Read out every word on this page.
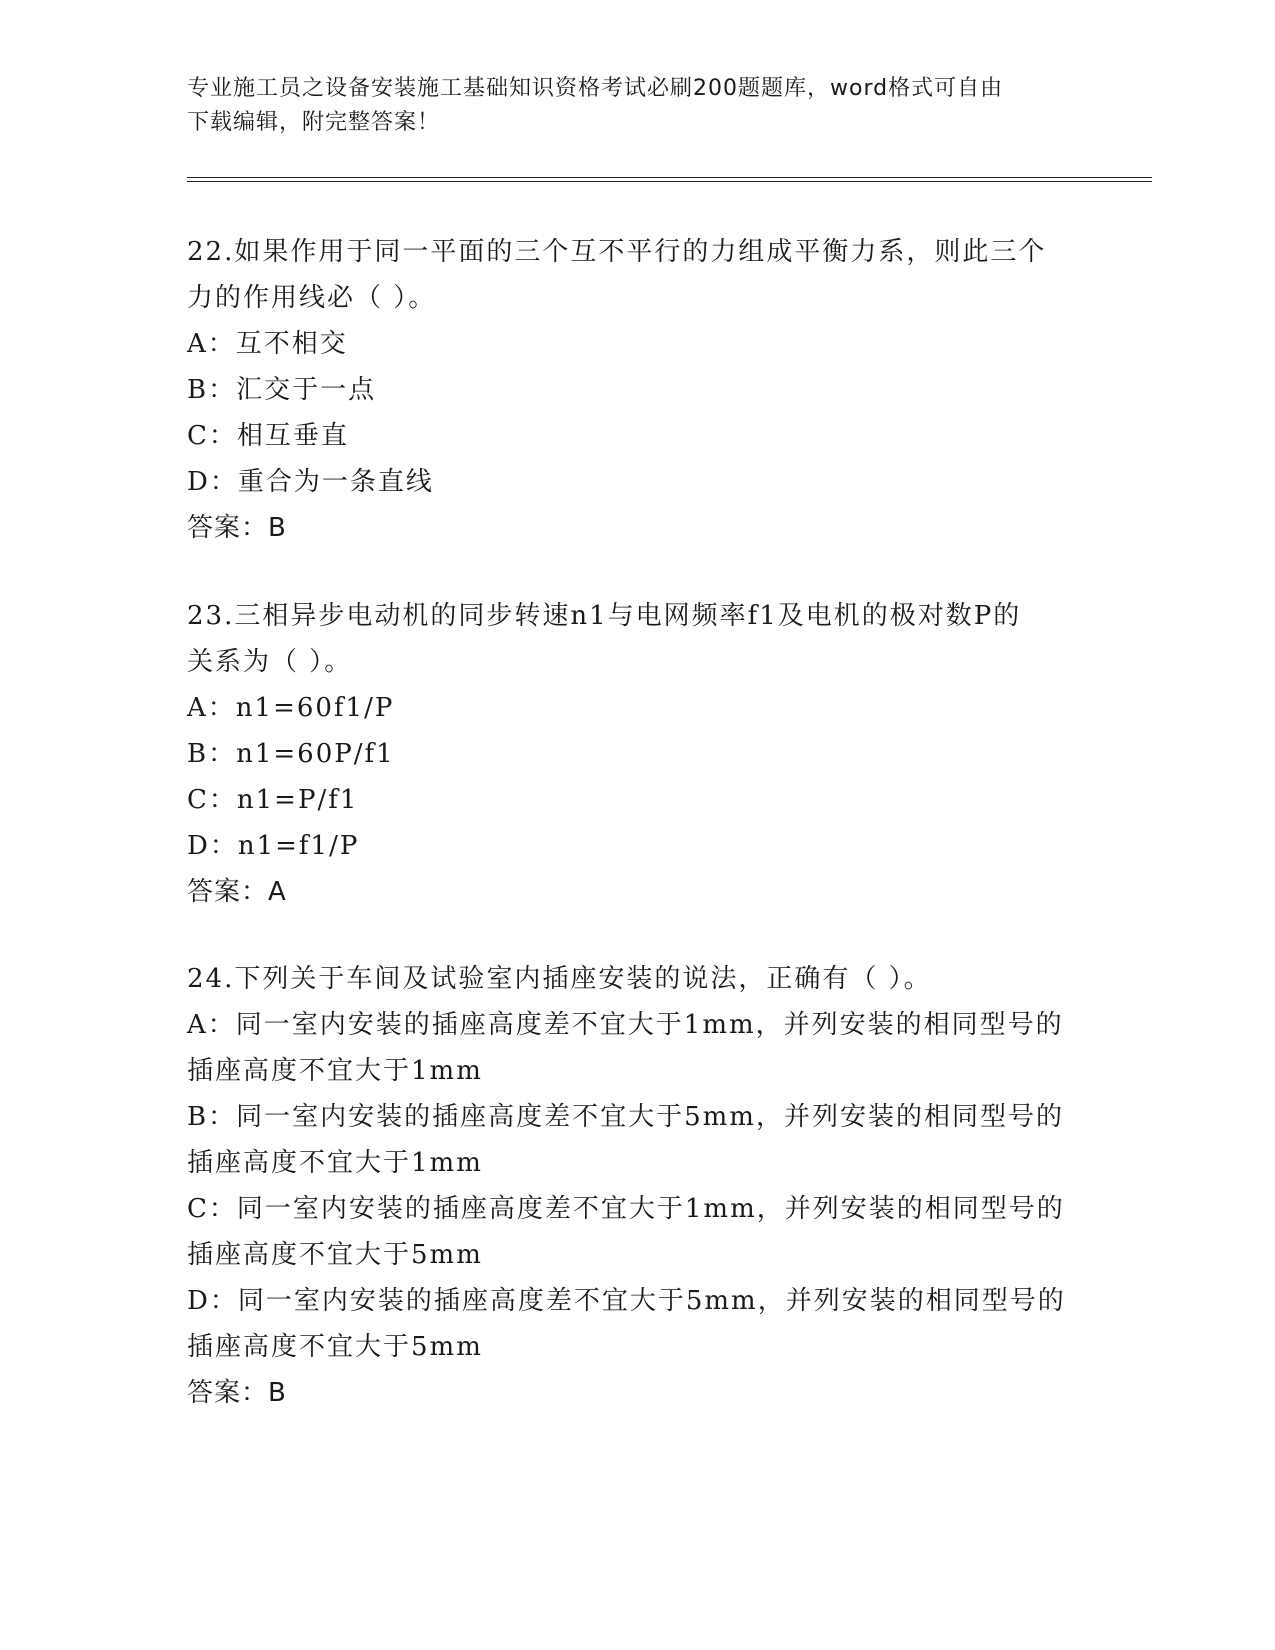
专业施工员之设备安装施工基础知识资格考试必刷200题题库，word格式可自由
下载编辑，附完整答案！
22.如果作用于同一平面的三个互不平行的力组成平衡力系，则此三个
力的作用线必（ ）。
A：互不相交
B：汇交于一点
C：相互垂直
D：重合为一条直线
答案：B
23.三相异步电动机的同步转速n1与电网频率f1及电机的极对数P的
关系为（ ）。
A：n1=60f1/P
B：n1=60P/f1
C：n1=P/f1
D：n1=f1/P
答案：A
24.下列关于车间及试验室内插座安装的说法，正确有（ ）。
A：同一室内安装的插座高度差不宜大于1mm，并列安装的相同型号的
插座高度不宜大于1mm
B：同一室内安装的插座高度差不宜大于5mm，并列安装的相同型号的
插座高度不宜大于1mm
C：同一室内安装的插座高度差不宜大于1mm，并列安装的相同型号的
插座高度不宜大于5mm
D：同一室内安装的插座高度差不宜大于5mm，并列安装的相同型号的
插座高度不宜大于5mm
答案：B
